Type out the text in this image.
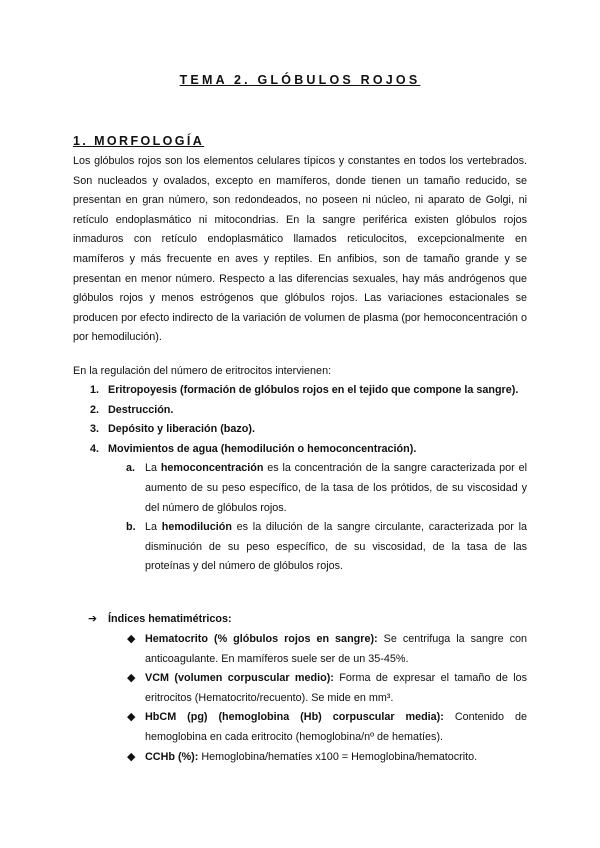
TEMA 2. GLÓBULOS ROJOS
1. MORFOLOGÍA

Los glóbulos rojos son los elementos celulares típicos y constantes en todos los vertebrados. Son nucleados y ovalados, excepto en mamíferos, donde tienen un tamaño reducido, se presentan en gran número, son redondeados, no poseen ni núcleo, ni aparato de Golgi, ni retículo endoplasmático ni mitocondrias. En la sangre periférica existen glóbulos rojos inmaduros con retículo endoplasmático llamados reticulocitos, excepcionalmente en mamíferos y más frecuente en aves y reptiles. En anfibios, son de tamaño grande y se presentan en menor número. Respecto a las diferencias sexuales, hay más andrógenos que glóbulos rojos y menos estrógenos que glóbulos rojos. Las variaciones estacionales se producen por efecto indirecto de la variación de volumen de plasma (por hemoconcentración o por hemodilución).

En la regulación del número de eritrocitos intervienen:

1. Eritropoyesis (formación de glóbulos rojos en el tejido que compone la sangre).
2. Destrucción.
3. Depósito y liberación (bazo).
4. Movimientos de agua (hemodilución o hemoconcentración).
a. La hemoconcentración es la concentración de la sangre caracterizada por el aumento de su peso específico, de la tasa de los prótidos, de su viscosidad y del número de glóbulos rojos.
b. La hemodilución es la dilución de la sangre circulante, caracterizada por la disminución de su peso específico, de su viscosidad, de la tasa de las proteínas y del número de glóbulos rojos.
➔ Índices hematimétricos:
◆ Hematocrito (% glóbulos rojos en sangre): Se centrifuga la sangre con anticoagulante. En mamíferos suele ser de un 35-45%.
◆ VCM (volumen corpuscular medio): Forma de expresar el tamaño de los eritrocitos (Hematocrito/recuento). Se mide en mm³.
◆ HbCM (pg) (hemoglobina (Hb) corpuscular media): Contenido de hemoglobina en cada eritrocito (hemoglobina/nº de hematíes).
◆ CCHb (%): Hemoglobina/hematíes x100 = Hemoglobina/hematocrito.
